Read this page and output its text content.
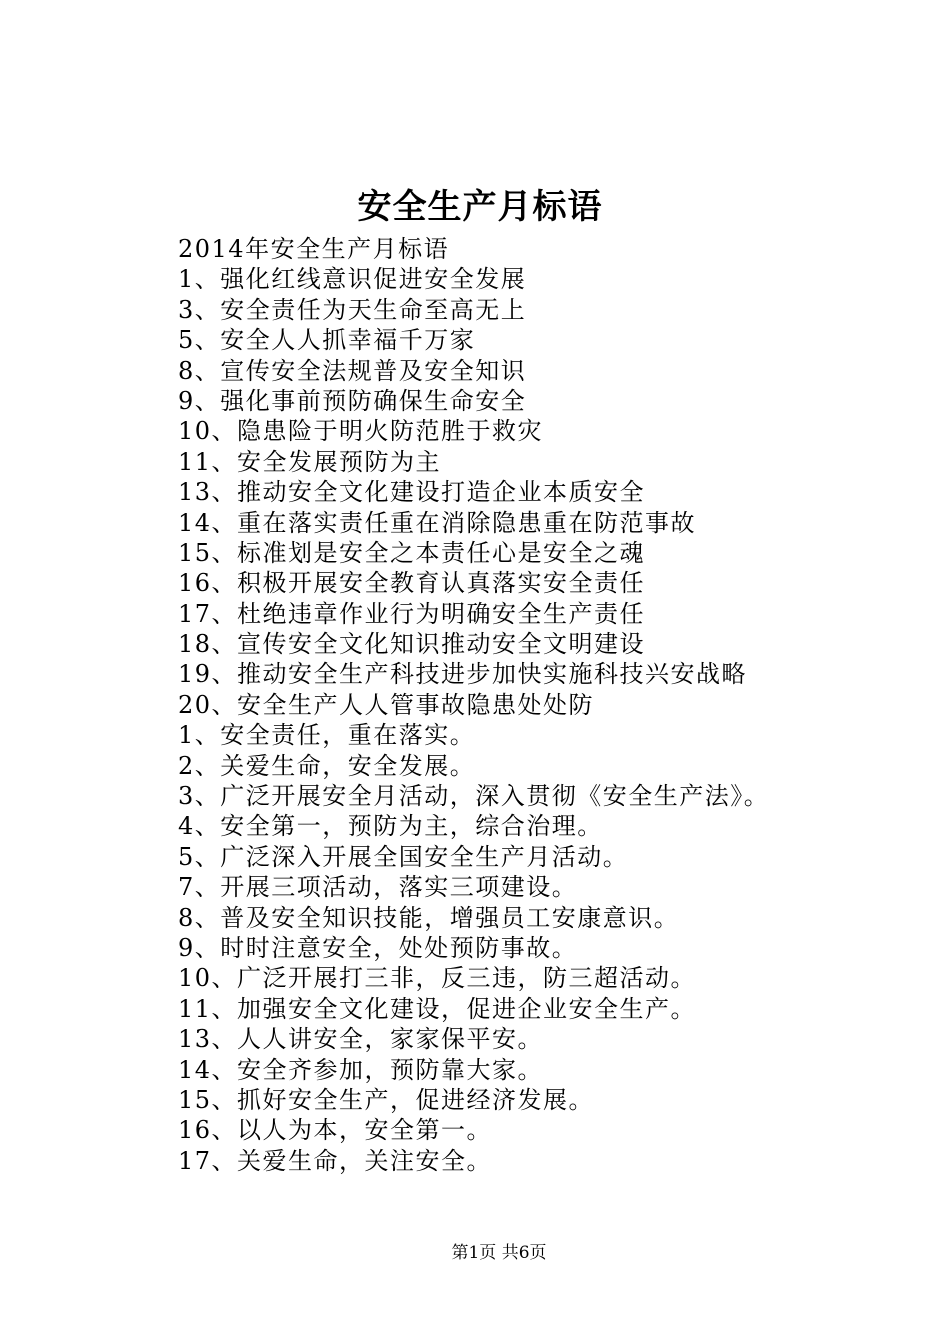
安全生产月标语
2014年安全生产月标语
1、强化红线意识促进安全发展
3、安全责任为天生命至高无上
5、安全人人抓幸福千万家
8、宣传安全法规普及安全知识
9、强化事前预防确保生命安全
10、隐患险于明火防范胜于救灾
11、安全发展预防为主
13、推动安全文化建设打造企业本质安全
14、重在落实责任重在消除隐患重在防范事故
15、标准划是安全之本责任心是安全之魂
16、积极开展安全教育认真落实安全责任
17、杜绝违章作业行为明确安全生产责任
18、宣传安全文化知识推动安全文明建设
19、推动安全生产科技进步加快实施科技兴安战略
20、安全生产人人管事故隐患处处防
1、安全责任，重在落实。
2、关爱生命，安全发展。
3、广泛开展安全月活动，深入贯彻《安全生产法》。
4、安全第一，预防为主，综合治理。
5、广泛深入开展全国安全生产月活动。
7、开展三项活动，落实三项建设。
8、普及安全知识技能，增强员工安康意识。
9、时时注意安全，处处预防事故。
10、广泛开展打三非，反三违，防三超活动。
11、加强安全文化建设，促进企业安全生产。
13、人人讲安全，家家保平安。
14、安全齐参加，预防靠大家。
15、抓好安全生产，促进经济发展。
16、以人为本，安全第一。
17、关爱生命，关注安全。
第1页 共6页
